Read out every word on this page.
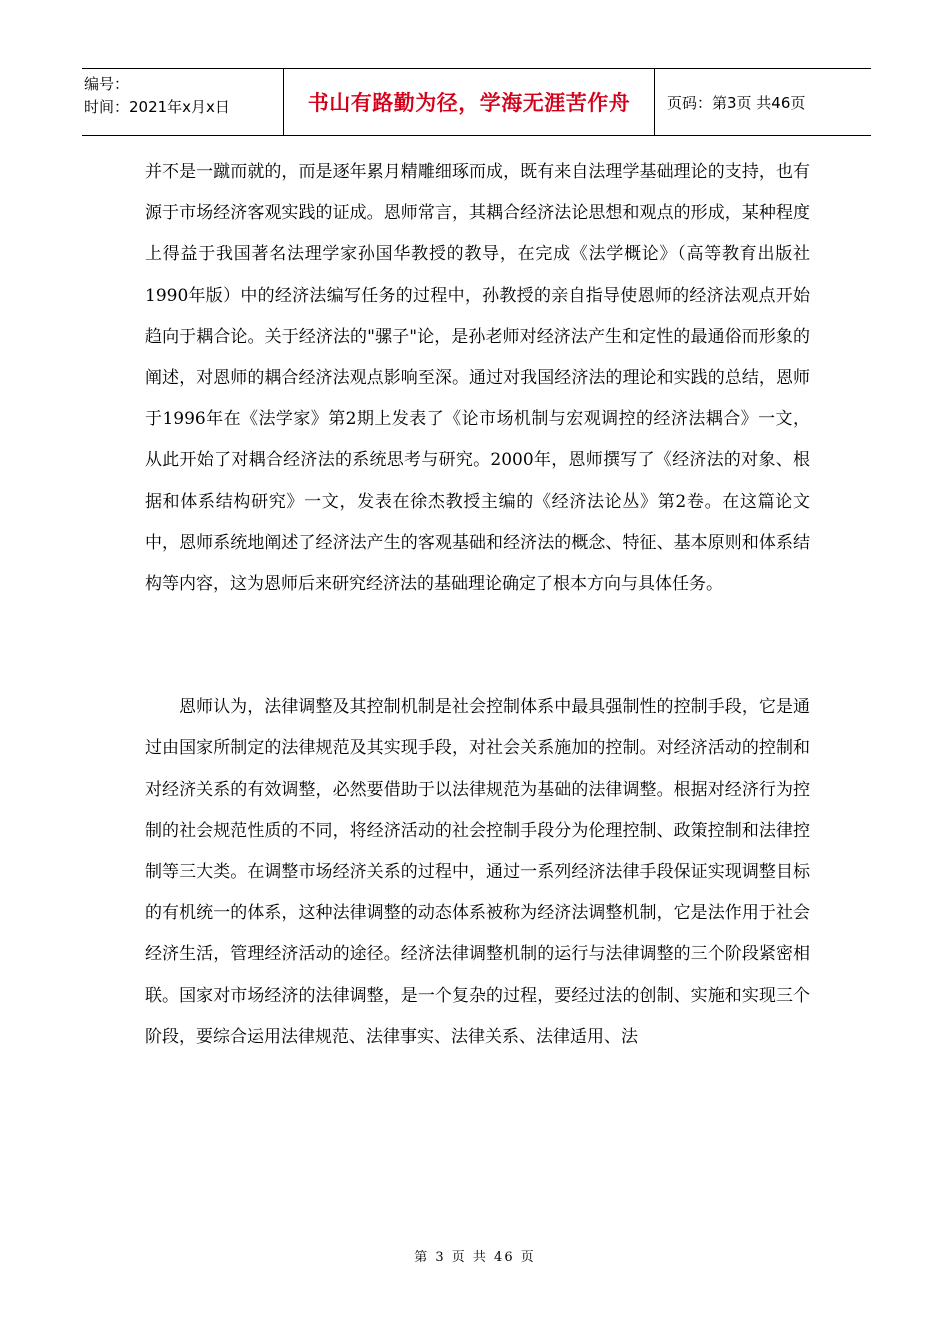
编号：
时间：2021年x月x日	书山有路勤为径，学海无涯苦作舟 页码：第3页 共46页

并不是一蹴而就的，而是逐年累月精雕细琢而成，既有来自法理学基础理论的支持，也有源于市场经济客观实践的证成。恩师常言，其耦合经济法论思想和观点的形成，某种程度上得益于我国著名法理学家孙国华教授的教导，在完成《法学概论》（高等教育出版社1990年版）中的经济法编写任务的过程中，孙教授的亲自指导使恩师的经济法观点开始趋向于耦合论。关于经济法的"骡子"论，是孙老师对经济法产生和定性的最通俗而形象的阐述，对恩师的耦合经济法观点影响至深。通过对我国经济法的理论和实践的总结，恩师于1996年在《法学家》第2期上发表了《论市场机制与宏观调控的经济法耦合》一文，从此开始了对耦合经济法的系统思考与研究。2000年，恩师撰写了《经济法的对象、根据和体系结构研究》一文，发表在徐杰教授主编的《经济法论丛》第2卷。在这篇论文中，恩师系统地阐述了经济法产生的客观基础和经济法的概念、特征、基本原则和体系结构等内容，这为恩师后来研究经济法的基础理论确定了根本方向与具体任务。

恩师认为，法律调整及其控制机制是社会控制体系中最具强制性的控制手段，它是通过由国家所制定的法律规范及其实现手段，对社会关系施加的控制。对经济活动的控制和对经济关系的有效调整，必然要借助于以法律规范为基础的法律调整。根据对经济行为控制的社会规范性质的不同，将经济活动的社会控制手段分为伦理控制、政策控制和法律控制等三大类。在调整市场经济关系的过程中，通过一系列经济法律手段保证实现调整目标的有机统一的体系，这种法律调整的动态体系被称为经济法调整机制，它是法作用于社会经济生活，管理经济活动的途径。经济法律调整机制的运行与法律调整的三个阶段紧密相联。国家对市场经济的法律调整，是一个复杂的过程，要经过法的创制、实施和实现三个阶段，要综合运用法律规范、法律事实、法律关系、法律适用、法

第 3 页 共 46 页
